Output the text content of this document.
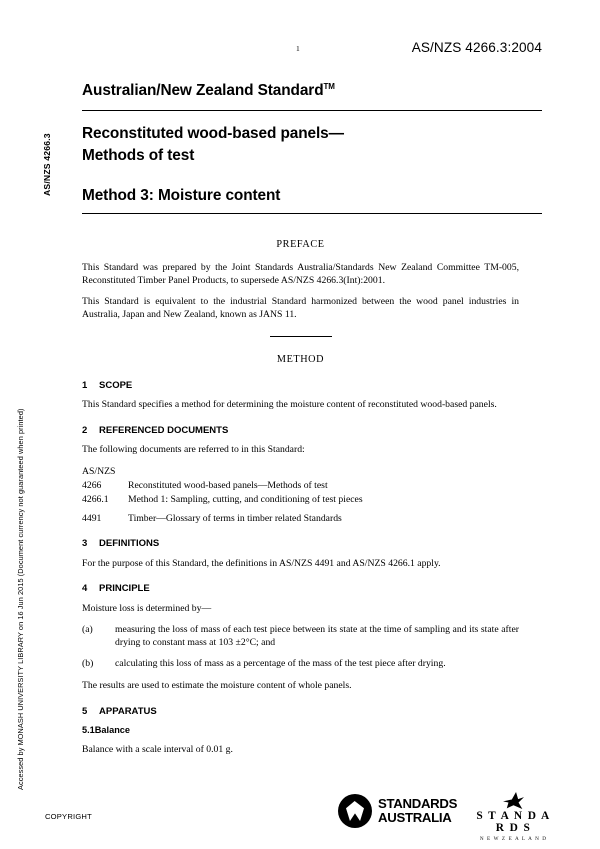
Accessed by MONASH UNIVERSITY LIBRARY on 16 Jun 2015 (Document currency not guaranteed when printed)
AS/NZS 4266.3
1	AS/NZS 4266.3:2004
Australian/New Zealand Standard™
Reconstituted wood-based panels—
Methods of test
Method 3: Moisture content
PREFACE

This Standard was prepared by the Joint Standards Australia/Standards New Zealand Committee TM-005, Reconstituted Timber Panel Products, to supersede AS/NZS 4266.3(Int):2001.

This Standard is equivalent to the industrial Standard harmonized between the wood panel industries in Australia, Japan and New Zealand, known as JANS 11.

METHOD
1 SCOPE

This Standard specifies a method for determining the moisture content of reconstituted wood-based panels.

2 REFERENCED DOCUMENTS

The following documents are referred to in this Standard:

AS/NZS
4266	Reconstituted wood-based panels—Methods of test
4266.1	Method 1: Sampling, cutting, and conditioning of test pieces
4491	Timber—Glossary of terms in timber related Standards
3 DEFINITIONS

For the purpose of this Standard, the definitions in AS/NZS 4491 and AS/NZS 4266.1 apply.

4 PRINCIPLE

Moisture loss is determined by—

(a)	measuring the loss of mass of each test piece between its state at the time of sampling and its state after drying to constant mass at 103 ±2°C; and
(b)	calculating this loss of mass as a percentage of the mass of the test piece after drying.

The results are used to estimate the moisture content of whole panels.

5 APPARATUS
5.1Balance

Balance with a scale interval of 0.01 g.

COPYRIGHT
STANDARDS
AUSTRALIA	S T A N D A R D S
N E W Z E A L A N D
